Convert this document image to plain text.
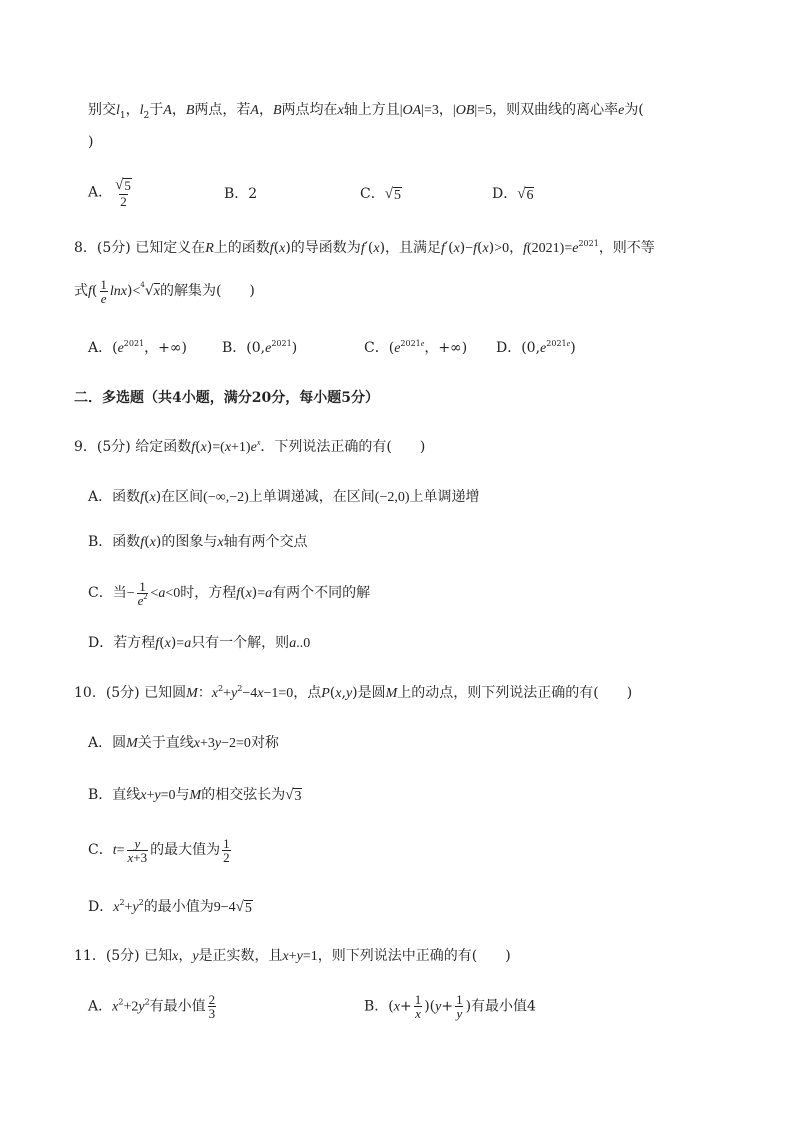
别交$l_1$，$l_2$于A，B两点，若A，B两点均在x轴上方且|OA|=3，|OB|=5，则双曲线的离心率e为(
)
A． $\frac{√ 5}{2}$	B．2	C． √ 5	D． √ 6
8．(5分) 已知定义在R上的函数f(x)的导函数为f′(x)，且满足f′(x)−f(x)>0，$f(2021)=e^{2021}$，则不等
式$f( \frac{1}{e} \ln x)<^4√x$的解集为(　　)
A．($e^{2021}$，+∞)	B．$(0,e^{2021})$	C．($e^{2021e}$，+∞)	D．$(0,e^{2021e})$
二．多选题（共4小题，满分20分，每小题5分）
9．(5分) 给定函数$f(x)=(x+1)e^x$．下列说法正确的有(　　)
A．函数f(x)在区间(−∞,−2)上单调递减，在区间(−2,0)上单调递增
B．函数f(x)的图象与x轴有两个交点
C．当− $\frac{1}{e^2} <a<0$时，方程f(x)=a有两个不同的解
D．若方程f(x)=a只有一个解，则a..0
10．(5分) 已知圆M：$x^2+y^2-4x-1=0$，点P(x,y)是圆M上的动点，则下列说法正确的有(　　)
A．圆M关于直线x+3y−2=0对称
B．直线x+y=0与M的相交弦长为 √ 3
C．$t= \frac{y}{x+3}$ 的最大值为 $\frac{1}{2}$
D．$x^2+y^2$的最小值为9−4 √ 5
11．(5分) 已知x，y是正实数，且x+y=1，则下列说法中正确的有(　　)
A．$x^2+2y^2$有最小值 $\frac{2}{3}$	B．$(x+ \frac{1}{x} )(y+ \frac{1}{y}$ )有最小值4
